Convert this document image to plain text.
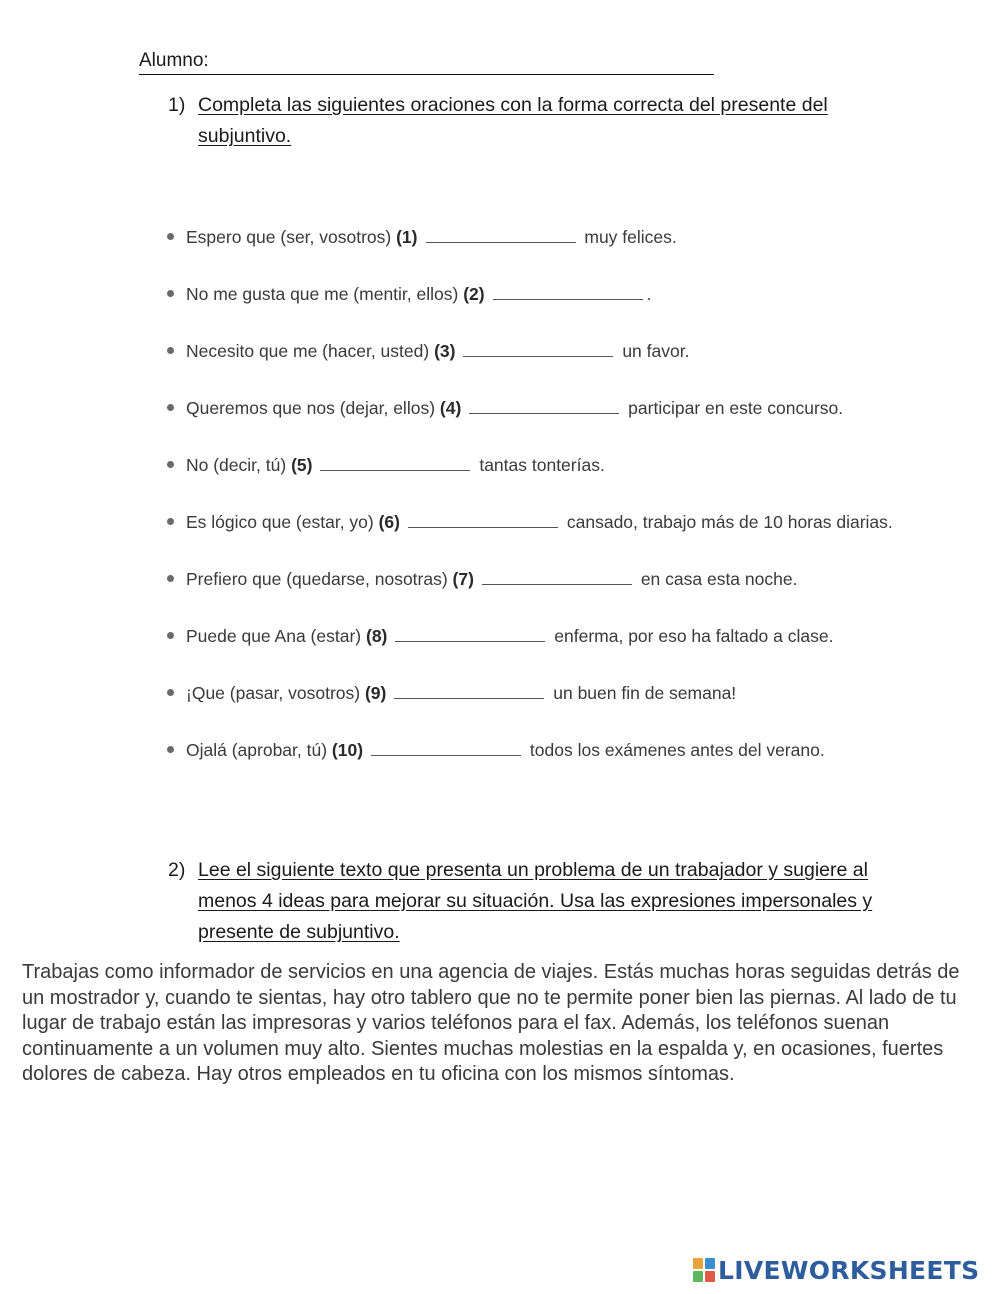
Alumno:
1) Completa las siguientes oraciones con la forma correcta del presente del subjuntivo.
Espero que (ser, vosotros) (1)	muy felices.
No me gusta que me (mentir, ellos) (2)	.
Necesito que me (hacer, usted) (3)	un favor.
Queremos que nos (dejar, ellos) (4)	participar en este concurso.
No (decir, tú) (5)	tantas tonterías.
Es lógico que (estar, yo) (6)	cansado, trabajo más de 10 horas diarias.
Prefiero que (quedarse, nosotras) (7)	en casa esta noche.
Puede que Ana (estar) (8)	enferma, por eso ha faltado a clase.
¡Que (pasar, vosotros) (9)	un buen fin de semana!
Ojalá (aprobar, tú) (10)	todos los exámenes antes del verano.
2) Lee el siguiente texto que presenta un problema de un trabajador y sugiere al menos 4 ideas para mejorar su situación. Usa las expresiones impersonales y presente de subjuntivo.
Trabajas como informador de servicios en una agencia de viajes. Estás muchas horas seguidas detrás de un mostrador y, cuando te sientas, hay otro tablero que no te permite poner bien las piernas. Al lado de tu lugar de trabajo están las impresoras y varios teléfonos para el fax. Además, los teléfonos suenan continuamente a un volumen muy alto. Sientes muchas molestias en la espalda y, en ocasiones, fuertes dolores de cabeza. Hay otros empleados en tu oficina con los mismos síntomas.
LIVEWORKSHEETS
